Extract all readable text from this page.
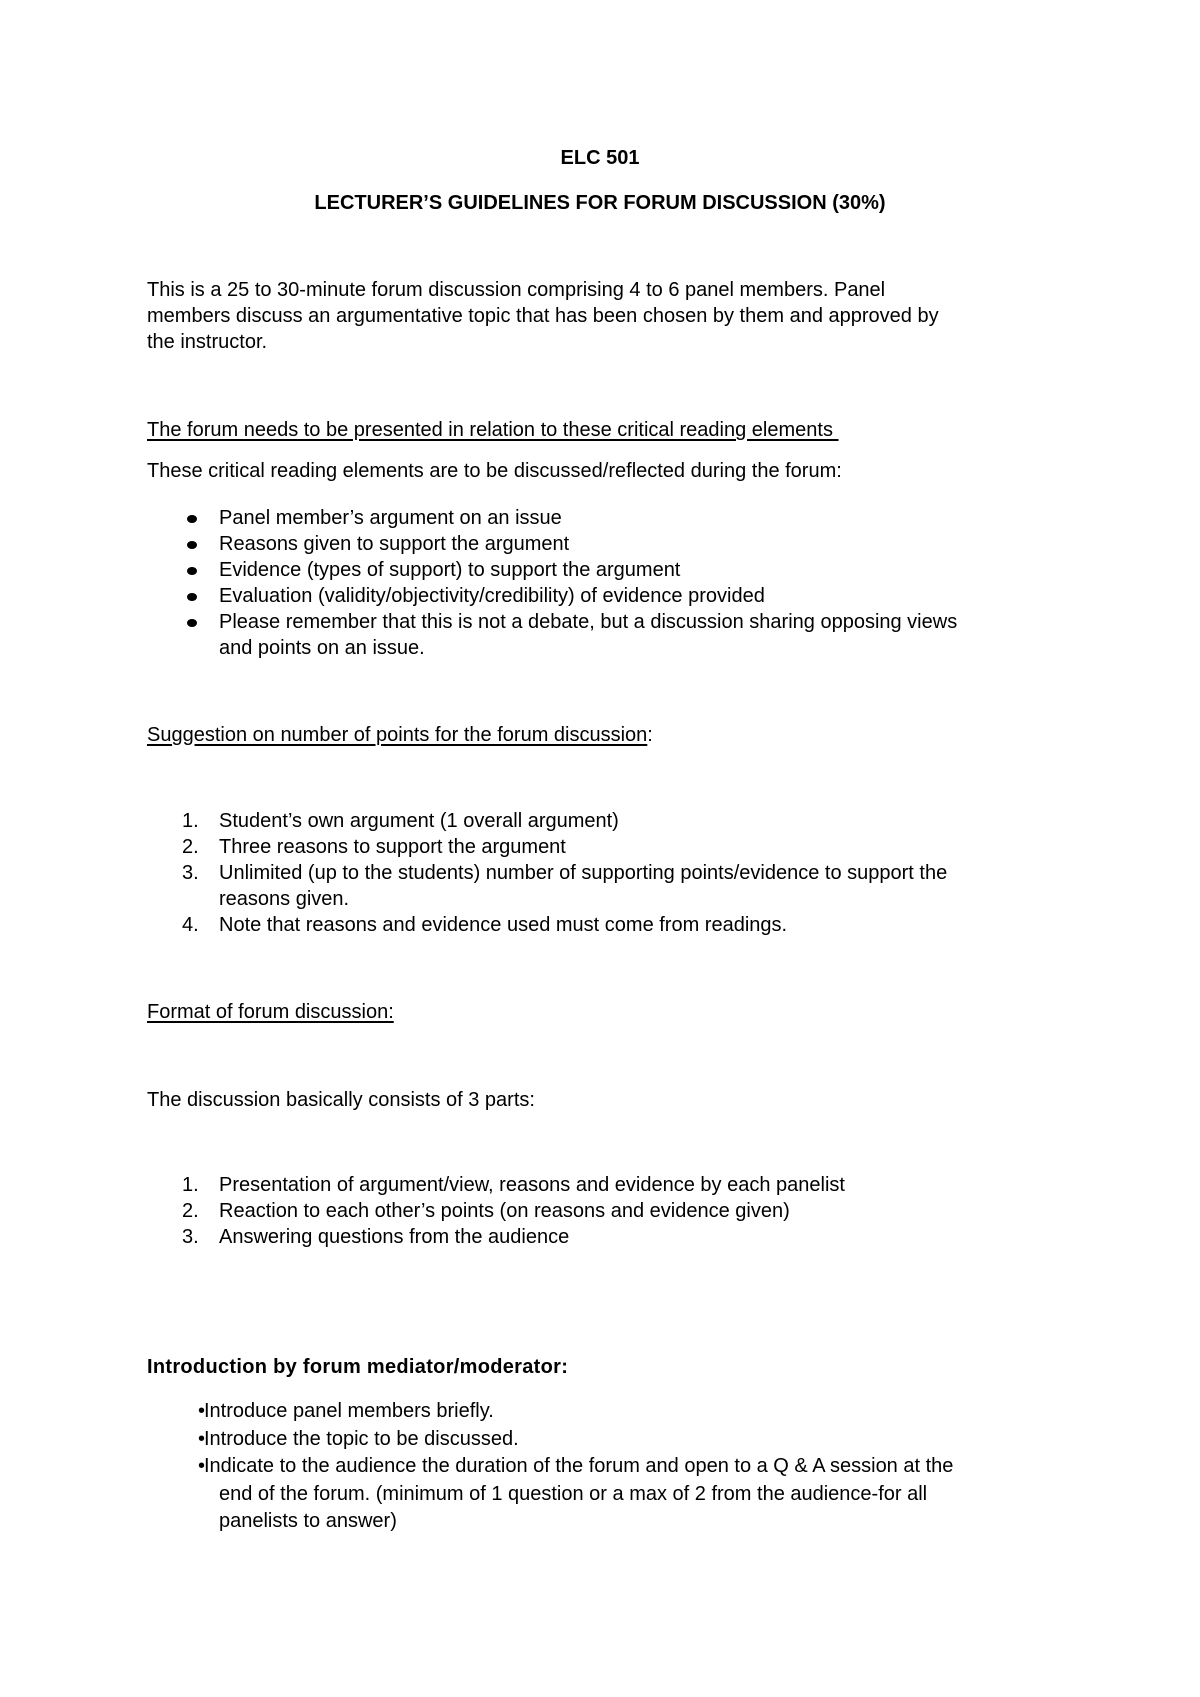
ELC 501
LECTURER’S GUIDELINES FOR FORUM DISCUSSION (30%)
This is a 25 to 30-minute forum discussion comprising 4 to 6 panel members. Panel
members discuss an argumentative topic that has been chosen by them and approved by
the instructor.
The forum needs to be presented in relation to these critical reading elements
These critical reading elements are to be discussed/reflected during the forum:
Panel member’s argument on an issue
Reasons given to support the argument
Evidence (types of support) to support the argument
Evaluation (validity/objectivity/credibility) of evidence provided
Please remember that this is not a debate, but a discussion sharing opposing views
and points on an issue.
Suggestion on number of points for the forum discussion:
1.	Student’s own argument (1 overall argument)
2.	Three reasons to support the argument
3.	Unlimited (up to the students) number of supporting points/evidence to support the
reasons given.
4.	Note that reasons and evidence used must come from readings.
Format of forum discussion:
The discussion basically consists of 3 parts:
1.	Presentation of argument/view, reasons and evidence by each panelist
2.	Reaction to each other’s points (on reasons and evidence given)
3.	Answering questions from the audience
Introduction by forum mediator/moderator:
•
Introduce panel members briefly.
•
Introduce the topic to be discussed.
•
Indicate to the audience the duration of the forum and open to a Q & A session at the
end of the forum. (minimum of 1 question or a max of 2 from the audience-for all
panelists to answer)
